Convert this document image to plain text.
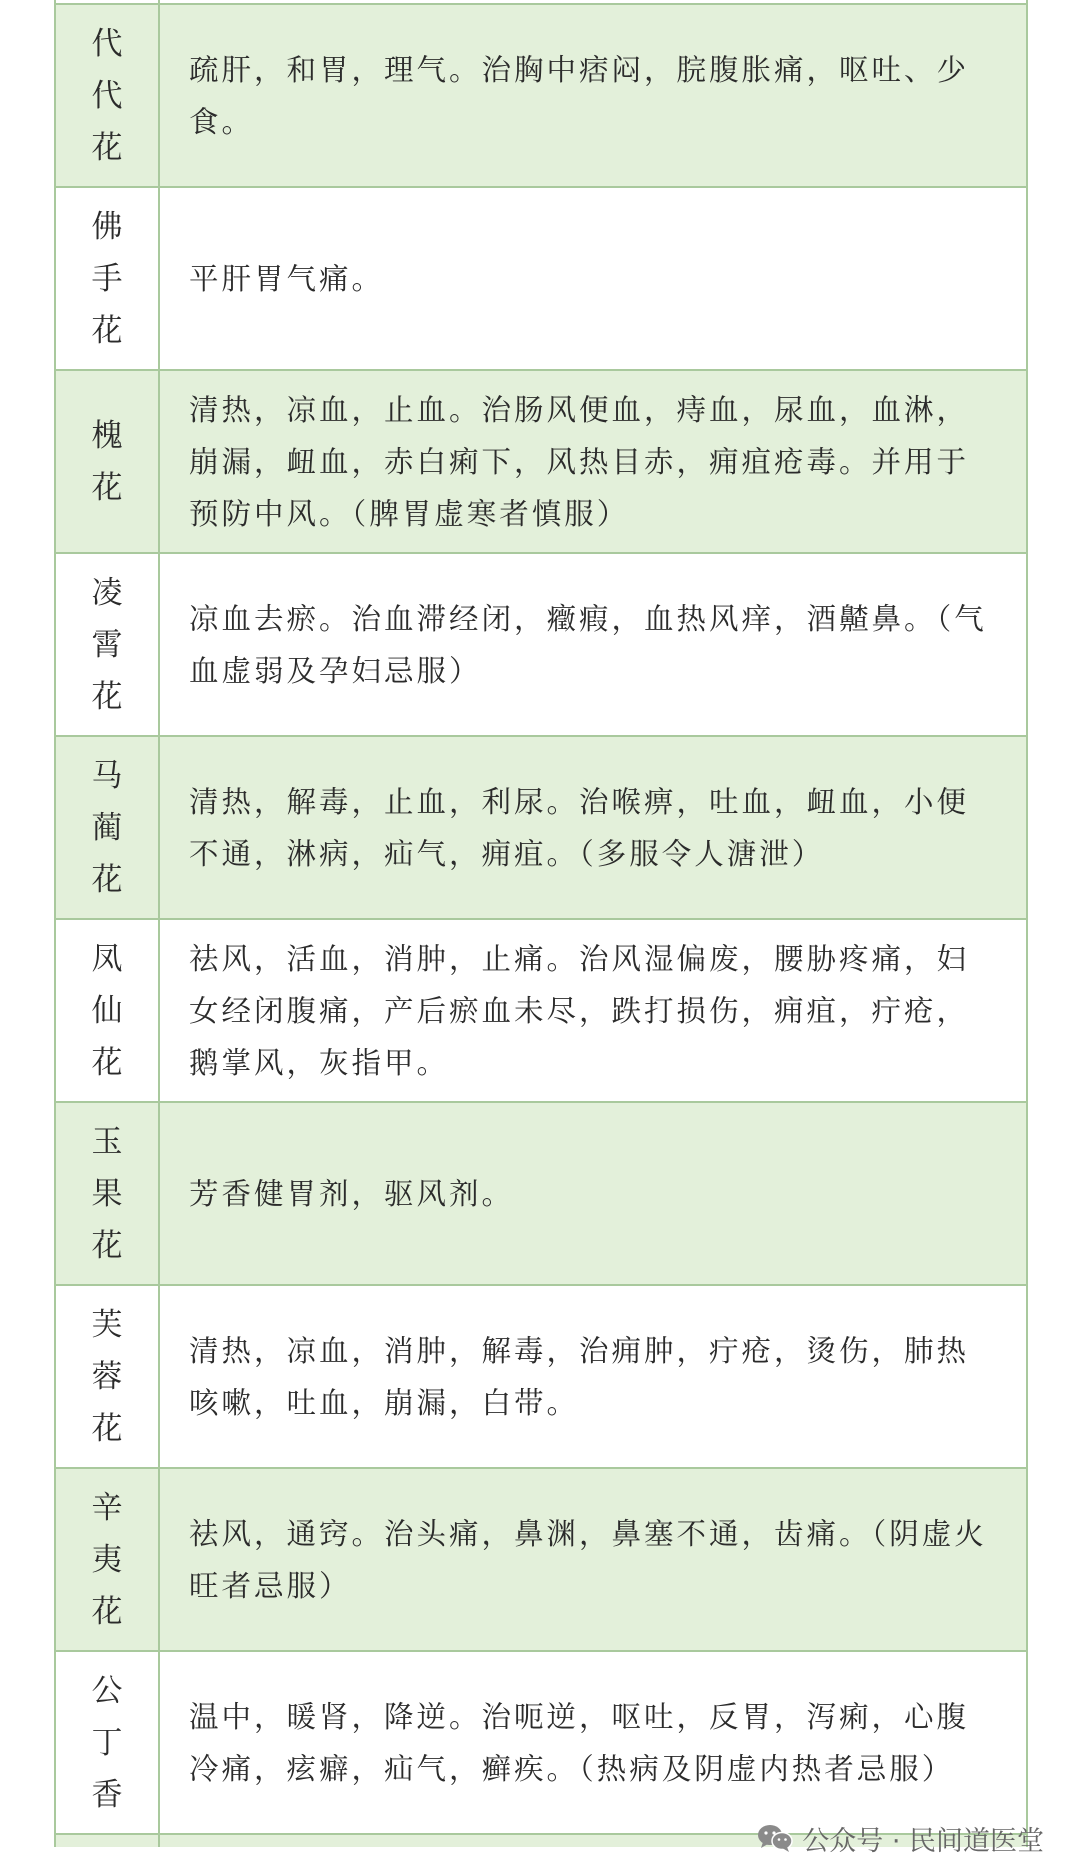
代代花	疏肝，和胃，理气。治胸中痞闷，脘腹胀痛，呕吐、少食。

佛手花	平肝胃气痛。

槐花	清热，凉血，止血。治肠风便血，痔血，尿血，血淋，崩漏，衄血，赤白痢下，风热目赤，痈疽疮毒。并用于预防中风。（脾胃虚寒者慎服）

凌霄花	凉血去瘀。治血滞经闭，癥瘕，血热风痒，酒齄鼻。（气血虚弱及孕妇忌服）

马蔺花	清热，解毒，止血，利尿。治喉痹，吐血，衄血，小便不通，淋病，疝气，痈疽。（多服令人溏泄）

凤仙花	祛风，活血，消肿，止痛。治风湿偏废，腰胁疼痛，妇女经闭腹痛，产后瘀血未尽，跌打损伤，痈疽，疔疮，鹅掌风，灰指甲。

玉果花	芳香健胃剂，驱风剂。

芙蓉花	清热，凉血，消肿，解毒，治痈肿，疔疮，烫伤，肺热咳嗽，吐血，崩漏，白带。

辛夷花	祛风，通窍。治头痛，鼻渊，鼻塞不通，齿痛。（阴虚火旺者忌服）

公丁香	温中，暖肾，降逆。治呃逆，呕吐，反胃，泻痢，心腹冷痛，痃癖，疝气，癣疾。（热病及阴虚内热者忌服）

公众号 · 民间道医堂
